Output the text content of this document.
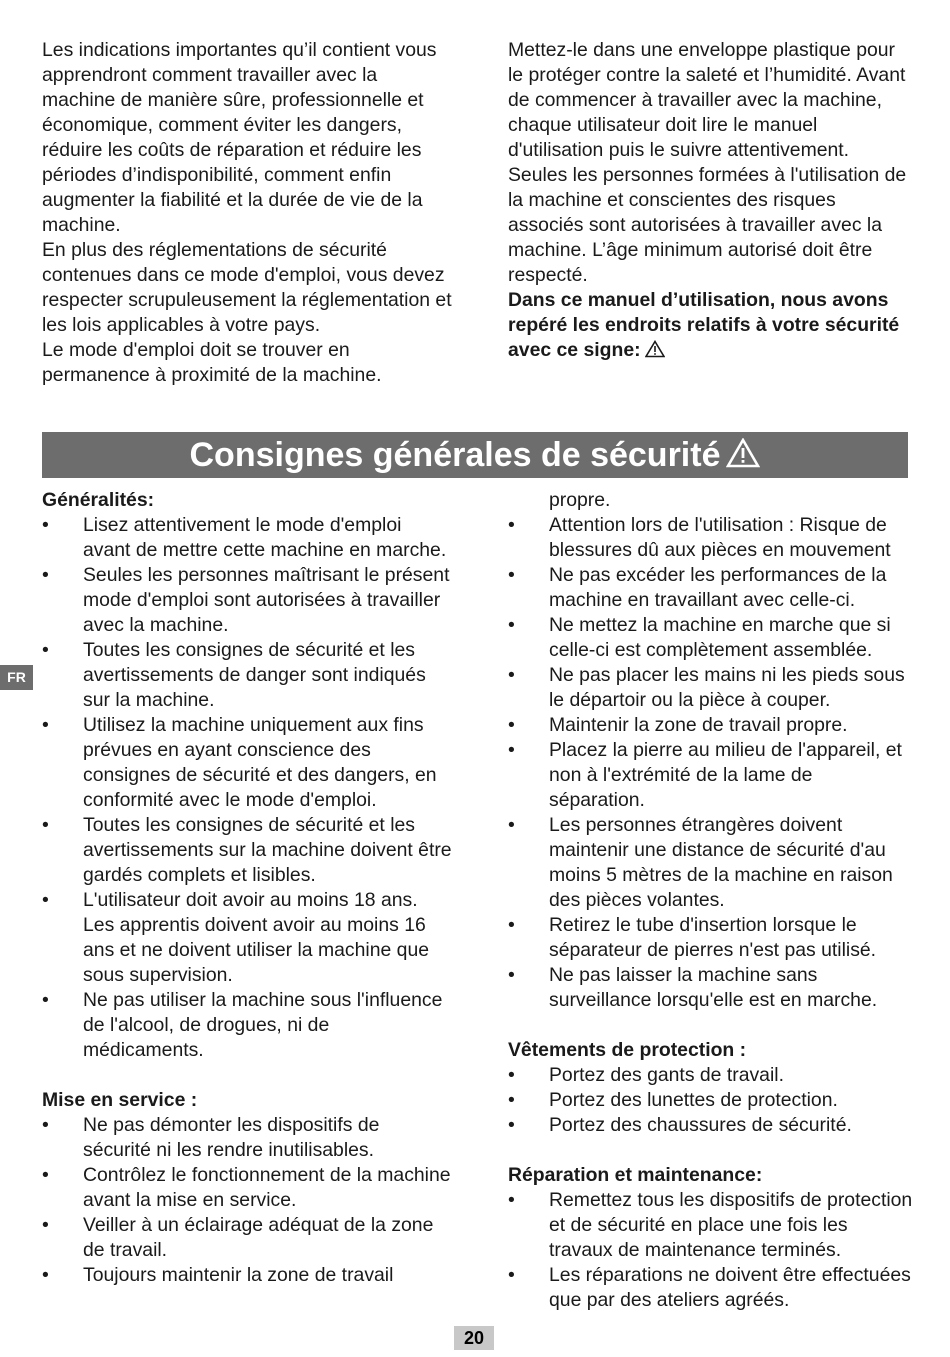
Les indications importantes qu’il contient vous apprendront comment travailler avec la machine de manière sûre, professionnelle et économique, comment éviter les dangers, réduire les coûts de réparation et réduire les périodes d’indisponibilité, comment enfin augmenter la fiabilité et la durée de vie de la machine.

En plus des réglementations de sécurité contenues dans ce mode d'emploi, vous devez respecter scrupuleusement la réglementation et les lois applicables à votre pays.

Le mode d'emploi doit se trouver en permanence à proximité de la machine.

Mettez-le dans une enveloppe plastique pour le protéger contre la saleté et l’humidité. Avant de commencer à travailler avec la machine, chaque utilisateur doit lire le manuel d'utilisation puis le suivre attentivement.

Seules les personnes formées à l'utilisation de la machine et conscientes des risques associés sont autorisées à travailler avec la machine. L’âge minimum autorisé doit être respecté.

Dans ce manuel d’utilisation, nous avons repéré les endroits relatifs à votre sécurité avec ce signe:

Consignes générales de sécurité
Généralités:
• Lisez attentivement le mode d'emploi avant de mettre cette machine en marche.
• Seules les personnes maîtrisant le présent mode d'emploi sont autorisées à travailler avec la machine.
• Toutes les consignes de sécurité et les avertissements de danger sont indiqués sur la machine.
• Utilisez la machine uniquement aux fins prévues en ayant conscience des consignes de sécurité et des dangers, en conformité avec le mode d'emploi.
• Toutes les consignes de sécurité et les avertissements sur la machine doivent être gardés complets et lisibles.
• L'utilisateur doit avoir au moins 18 ans. Les apprentis doivent avoir au moins 16 ans et ne doivent utiliser la machine que sous supervision.
• Ne pas utiliser la machine sous l'influence de l'alcool, de drogues, ni de médicaments.
Mise en service :
• Ne pas démonter les dispositifs de sécurité ni les rendre inutilisables.
• Contrôlez le fonctionnement de la machine avant la mise en service.
• Veiller à un éclairage adéquat de la zone de travail.
• Toujours maintenir la zone de travail
propre.
• Attention lors de l'utilisation : Risque de blessures dû aux pièces en mouvement
• Ne pas excéder les performances de la machine en travaillant avec celle-ci.
• Ne mettez la machine en marche que si celle-ci est complètement assemblée.
• Ne pas placer les mains ni les pieds sous le départoir ou la pièce à couper.
• Maintenir la zone de travail propre.
• Placez la pierre au milieu de l'appareil, et non à l'extrémité de la lame de séparation.
• Les personnes étrangères doivent maintenir une distance de sécurité d'au moins 5 mètres de la machine en raison des pièces volantes.
• Retirez le tube d'insertion lorsque le séparateur de pierres n'est pas utilisé.
• Ne pas laisser la machine sans surveillance lorsqu'elle est en marche.
Vêtements de protection :
• Portez des gants de travail.
• Portez des lunettes de protection.
• Portez des chaussures de sécurité.
Réparation et maintenance:
• Remettez tous les dispositifs de protection et de sécurité en place une fois les travaux de maintenance terminés.
• Les réparations ne doivent être effectuées que par des ateliers agréés.
FR
20
